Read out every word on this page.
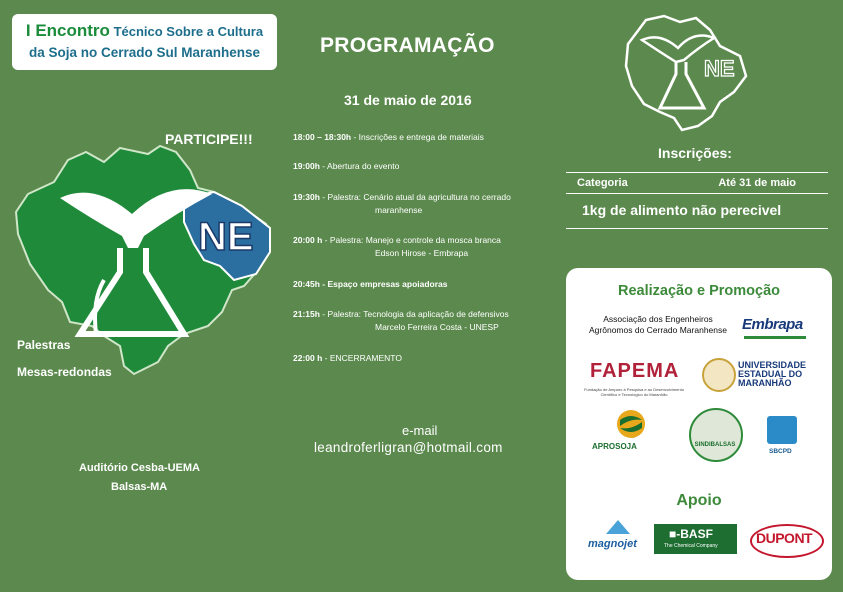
I Encontro Técnico Sobre a Cultura
da Soja no Cerrado Sul Maranhense
NE
PROGRAMAÇÃO
31 de maio de 2016
PARTICIPE!!!	18:00 – 18:30h - Inscrições e entrega de materiais
19:00h - Abertura do evento
19:30h - Palestra: Cenário atual da agricultura no cerrado
maranhense
20:00 h - Palestra: Manejo e controle da mosca branca
Edson Hirose - Embrapa
20:45h - Espaço empresas apoiadoras
21:15h - Palestra: Tecnologia da aplicação de defensivos
Marcelo Ferreira Costa - UNESP
22:00 h - ENCERRAMENTO
Palestras
Mesas-redondas
Auditório Cesba-UEMA
Balsas-MA
e-mail
leandroferligran@hotmail.com
NE
Inscrições:
Categoria	Até 31 de maio
1kg de alimento não perecivel
Realização e Promoção
Associação dos Engenheiros
Agrônomos do Cerrado Maranhense	Embrapa
FAPEMA
Fundação de Amparo à Pesquisa e ao Desenvolvimento Científico e Tecnológico do Maranhão
UNIVERSIDADE ESTADUAL DO MARANHÃO
APROSOJA	SINDIBALSAS
SBCPD
Apoio
magnojet
■-BASF
The Chemical Company	DUPONT
